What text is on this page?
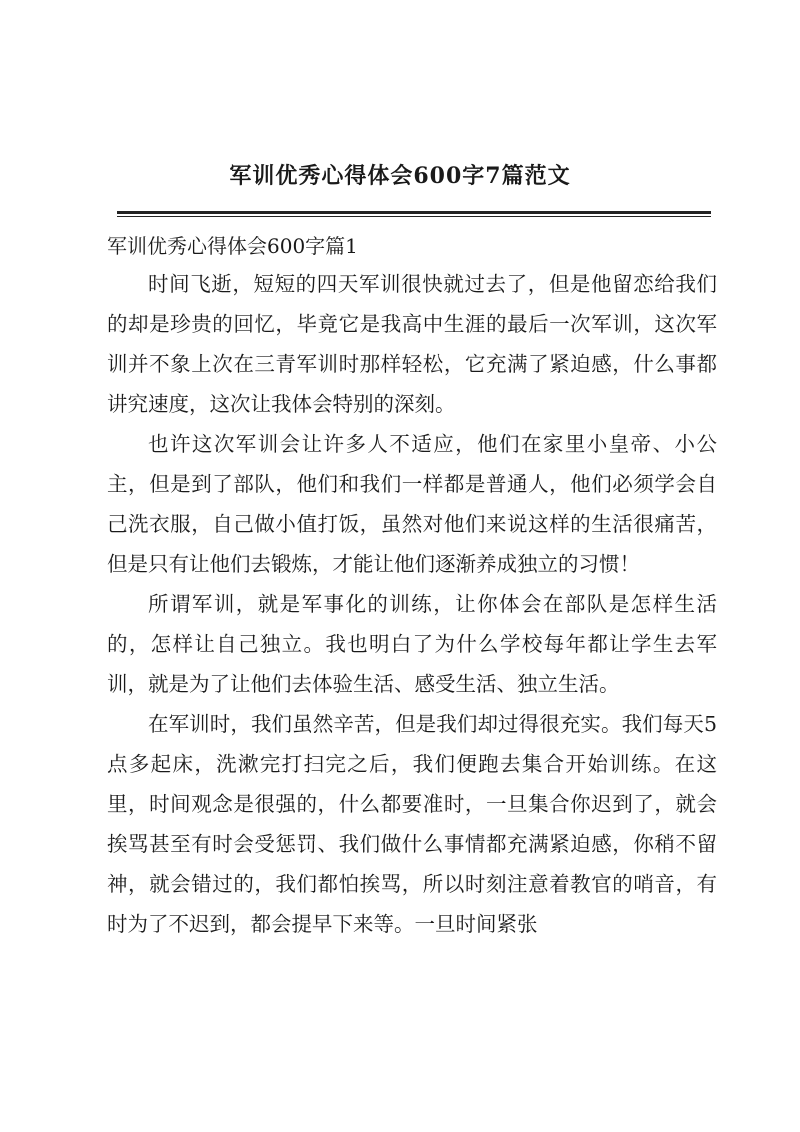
军训优秀心得体会600字7篇范文
军训优秀心得体会600字篇1

时间飞逝，短短的四天军训很快就过去了，但是他留恋给我们的却是珍贵的回忆，毕竟它是我高中生涯的最后一次军训，这次军训并不象上次在三青军训时那样轻松，它充满了紧迫感，什么事都讲究速度，这次让我体会特别的深刻。

也许这次军训会让许多人不适应，他们在家里小皇帝、小公主，但是到了部队，他们和我们一样都是普通人，他们必须学会自己洗衣服，自己做小值打饭，虽然对他们来说这样的生活很痛苦，但是只有让他们去锻炼，才能让他们逐渐养成独立的习惯！

所谓军训，就是军事化的训练，让你体会在部队是怎样生活的，怎样让自己独立。我也明白了为什么学校每年都让学生去军训，就是为了让他们去体验生活、感受生活、独立生活。

在军训时，我们虽然辛苦，但是我们却过得很充实。我们每天5点多起床，洗漱完打扫完之后，我们便跑去集合开始训练。在这里，时间观念是很强的，什么都要准时，一旦集合你迟到了，就会挨骂甚至有时会受惩罚、我们做什么事情都充满紧迫感，你稍不留神，就会错过的，我们都怕挨骂，所以时刻注意着教官的哨音，有时为了不迟到，都会提早下来等。一旦时间紧张
